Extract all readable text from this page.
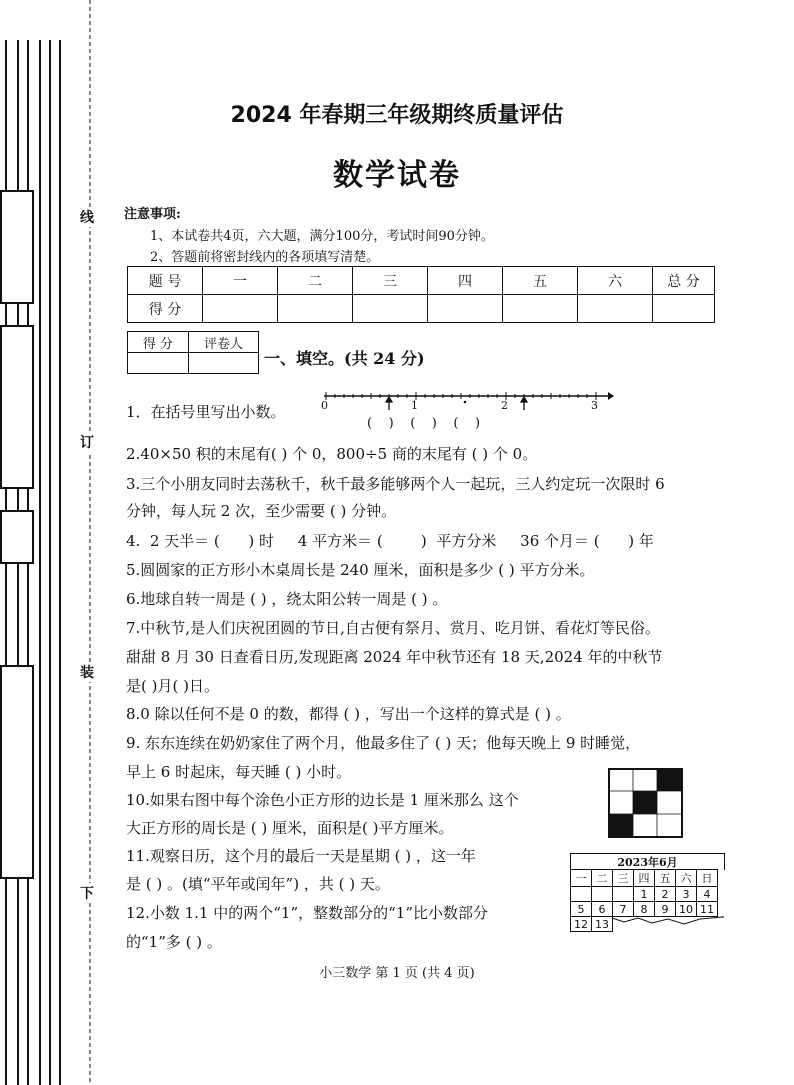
线
订
装
下
2024 年春期三年级期终质量评估
数学试卷
注意事项:
1、本试卷共4页，六大题，满分100分，考试时间90分钟。
2、答题前将密封线内的各项填写清楚。
题 号	一	二	三	四	五	六	总 分
得 分							
得 分	评卷人

一、填空。(共 24 分)
1．在括号里写出小数。	0	1	2	3
(    )    (    )    (    )
2.40×50 积的末尾有( ) 个 0，800÷5 商的末尾有 ( ) 个 0。
3.三个小朋友同时去荡秋千，秋千最多能够两个人一起玩，三人约定玩一次限时 6
分钟，每人玩 2 次，至少需要 ( ) 分钟。
4.  2 天半＝ (      ) 时     4 平方米＝ (        )  平方分米     36 个月＝ (      ) 年
5.圆圆家的正方形小木桌周长是 240 厘米，面积是多少 ( ) 平方分米。
6.地球自转一周是 ( ) ，绕太阳公转一周是 ( ) 。
7.中秋节,是人们庆祝团圆的节日,自古便有祭月、赏月、吃月饼、看花灯等民俗。
甜甜 8 月 30 日查看日历,发现距离 2024 年中秋节还有 18 天,2024 年的中秋节
是( )月( )日。
8.0 除以任何不是 0 的数，都得 ( ) ，写出一个这样的算式是 ( ) 。
9. 东东连续在奶奶家住了两个月，他最多住了 ( ) 天；他每天晚上 9 时睡觉，
早上 6 时起床，每天睡 ( ) 小时。
10.如果右图中每个涂色小正方形的边长是 1 厘米那么 这个
大正方形的周长是 ( ) 厘米，面积是( )平方厘米。
11.观察日历，这个月的最后一天是星期 ( ) ，这一年
是 ( ) 。(填“平年或闰年”) ，共 ( ) 天。
12.小数 1.1 中的两个“1”，整数部分的“1”比小数部分
的“1”多 ( ) 。
2023年6月
一	二	三	四	五	六	日
			1	2	3	4
5	6	7	8	9	10	11
12	13					
小三数学 第 1 页 (共 4 页)
